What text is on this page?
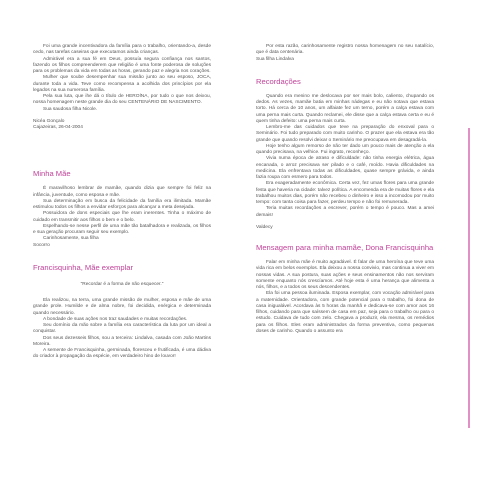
Foi uma grande incentivadora da família para o trabalho, orientando-a, desde cedo, nas tarefas caseiras que executamos ainda crianças.

Admirável era a sua fé em Deus, possuía segura confiança nos santos, fazendo os filhos compreenderem que religião é uma fonte poderosa de soluções para os problemas da vida em todas as horas, gerando paz e alegria nos corações.

Mulher que soube desempenhar sua missão junto ao seu esposo, JOCA, durante toda a vida. Teve como recompensa a acolhida dos princípios por ela legados na sua numerosa família.

Pela sua luta, que ihe dá o título de HEROÍNA, por tudo o que nos deixou, nossa homenagem neste grande dia do seu CENTENÁRIO DE NASCIMENTO.

Sua saudosa filha Nicole.

Nicéa Gonçalo

Cajazeiras, 26-04-2004

Minha Mãe

É maravilhoso lembrar de mamãe, quando dizia que sempre foi feliz na infância, juventude, como esposa e mãe.

Sua determinação em busca da felicidade da família era ilimitada. Mamãe estimulou todos os filhos a envidar esforços para alcançar a meta desejada.

Possuidora de dons especiais que lhe eram inerentes. Tinha o máximo de cuidado em transmitir aos filhos o bem e o belo.

Espelhando-se nesse perfil de uma mãe tão batalhadora e realizada, os filhos e sua geração procuram seguir seu exemplo.

Carinhosamente, sua filha

Socorro

Francisquinha, Mãe exemplar

"Recordar é a forma de não esquecer."

Ela realizou, na terra, uma grande missão de mulher, esposa e mãe de uma grande prole. Humilde e de alma nobre, foi decidida, enérgica e determinada quando necessário.

A bondade de suas ações nos traz saudades e muitas recordações.

Seu domínio da mão sobre a família era característica da luta por um ideal a conquistar.

Dos seus dezesseis filhos, sou a terceira: Lindalva, casada com João Martins Moreira.

A semente de Francisquinha, germinada, floresceu e frutificada, é uma dádiva do criador à propagação da espécie, em verdadeiro hino de louvor!

Por esta razão, carinhosamente registro nossa homenagem no seu natalício, que é data centenária.

Sua filha Lindalva

Recordações

Quando era menino me deslocava por ser mais bolo, caliento, chupando os dedos. As vezes, mamãe batia em minhas nádegas e eu não notava que estava torto. Há cerca de 10 anos, um alfaiate fez um terno, porém a calça estava com uma perna mais curta. Quando reclamei, ele disse que a calça estava certa e eu é quem tinha defeito: uma perna mais curta.

Lembro-me das cuidados que teve na preparação do enxoval para o Seminário. Foi tudo preparado com muito carinho. O prazer que ela estava era tão grande que quando resolvi deixar o Seminário me preocupava em desagradá-la.

Hoje tenho algum remorso de não ter dado um pouco mais de atenção a ela quando precisava, na velhice. Fui ingrato, reconheço.

Vivia numa época de atraso e dificuldade: não tinha energia elétrica, água encanada, o arroz precisava ser pilado e o café, moído. Havia dificuldades na medicina. Ela enfrentava todas as dificuldades, quase sempre grávida, e ainda fazia roupa com esmero para todos.

Era exageradamente econômica. Certa vez, fez umas flores para uma grande festa que haveria na cidade: talvez política. A encomenda era de muitas flores e ela trabalhou muitos dias, porém não recebeu o dinheiro e isso a incomodou por muito tempo: com tanta coisa para fazer, perdeu tempo e não foi remunerada.

Teria muitas recordações a escrever, porém o tempo é pouco. Mas a amei demais!

Valdecy

Mensagem para minha mamãe, Dona Francisquinha

Falar em minha mãe é muito agradável. É falar de uma heroína que teve uma vida rica em belos exemplos. Ela deixou a nossa convivio, mas continua a viver em nossas vidas. A sua postura, suas ações e seus ensinamentos não nos serviram somente enquanto nós crescíamos. Até hoje esta é uma herança que alimenta a nós, filhos, e a todos os seus descendentes.

Ela foi uma pessoa iluminada. Esposa exemplar, com vocação admirável para a maternidade. Orientadora, com grande potencial para o trabalho, foi dona de casa inigualável. Acordava às 5 horas da manhã e dedicava-se com amor aos 16 filhos, cuidando para que saíssem de casa em paz, seja para o trabalho ou para o estudo. Cuidava de tudo com zelo. Chegava a produzir, ela mesma, os remédios para os filhos. Eles eram administrados da forma preventiva, como pequenas doses de carinho. Quando o assunto era
